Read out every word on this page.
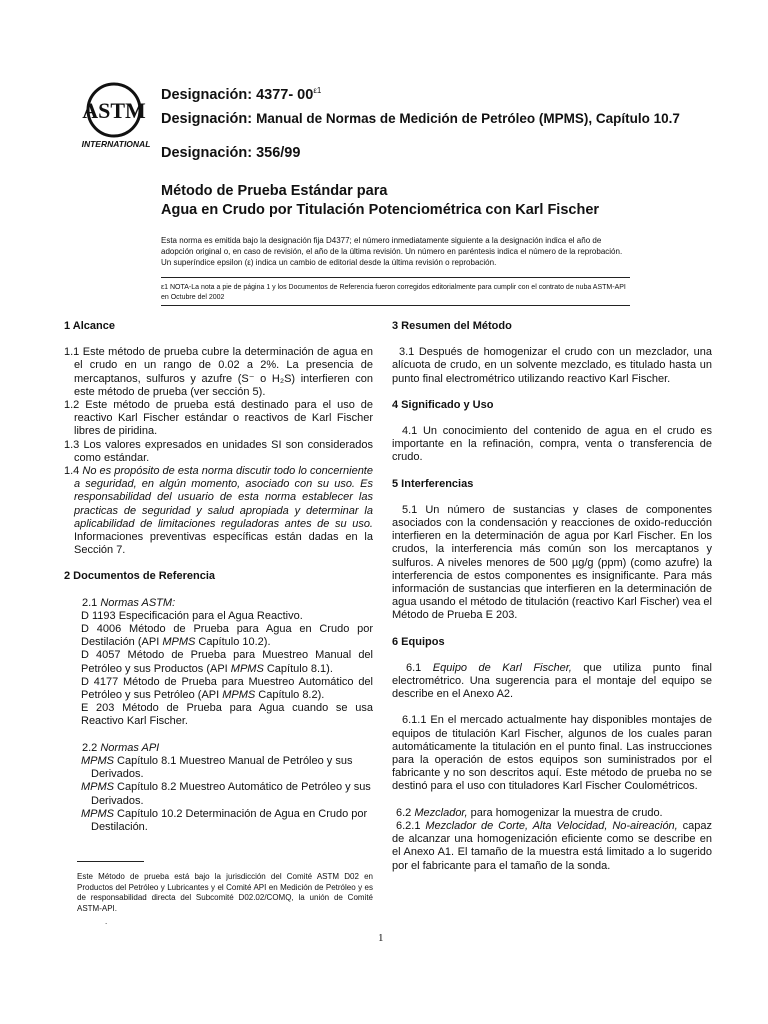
ASTM
INTERNATIONAL
Designación: 4377- $00^{\varepsilon 1}$
Designación: Manual de Normas de Medición de Petróleo (MPMS), Capítulo 10.7
Designación: 356/99
Método de Prueba Estándar para
Agua en Crudo por Titulación Potenciométrica con Karl Fischer
Esta norma es emitida bajo la designación fija D4377; el número inmediatamente siguiente a la designación indica el año de adopción original o, en caso de revisión, el año de la última revisión. Un número en paréntesis indica el número de la reprobación. Un superíndice epsilon (ε) indica un cambio de editorial desde la última revisión o reprobación.
ε1 NOTA-La nota a pie de página 1 y los Documentos de Referencia fueron corregidos editorialmente para cumplir con el contrato de nuba ASTM-API en Octubre del 2002
1 Alcance

1.1 Este método de prueba cubre la determinación de agua en el crudo en un rango de 0.02 a 2%. La presencia de mercaptanos, sulfuros y azufre (S⁻ o H₂S) interfieren con este método de prueba (ver sección 5).

1.2 Este método de prueba está destinado para el uso de reactivo Karl Fischer estándar o reactivos de Karl Fischer libres de piridina.

1.3 Los valores expresados en unidades SI son considerados como estándar.

1.4 No es propósito de esta norma discutir todo lo concerniente a seguridad, en algún momento, asociado con su uso. Es responsabilidad del usuario de esta norma establecer las practicas de seguridad y salud apropiada y determinar la aplicabilidad de limitaciones reguladoras antes de su uso. Informaciones preventivas específicas están dadas en la Sección 7.

2 Documentos de Referencia

2.1 Normas ASTM:

D 1193 Especificación para el Agua Reactivo.

D 4006 Método de Prueba para Agua en Crudo por Destilación (API MPMS Capítulo 10.2).

D 4057 Método de Prueba para Muestreo Manual del Petróleo y sus Productos (API MPMS Capítulo 8.1).

D 4177 Método de Prueba para Muestreo Automático del Petróleo y sus Petróleo (API MPMS Capítulo 8.2).

E 203 Método de Prueba para Agua cuando se usa Reactivo Karl Fischer.

2.2 Normas API

MPMS Capítulo 8.1 Muestreo Manual de Petróleo y sus Derivados.

MPMS Capítulo 8.2 Muestreo Automático de Petróleo y sus Derivados.

MPMS Capítulo 10.2 Determinación de Agua en Crudo por Destilación.

Este Método de prueba está bajo la jurisdicción del Comité ASTM D02 en Productos del Petróleo y Lubricantes y el Comité API en Medición de Petróleo y es de responsabilidad directa del Subcomité D02.02/COMQ, la unión de Comité ASTM-API.
.
3 Resumen del Método

3.1 Después de homogenizar el crudo con un mezclador, una alícuota de crudo, en un solvente mezclado, es titulado hasta un punto final electrométrico utilizando reactivo Karl Fischer.

4 Significado y Uso

4.1 Un conocimiento del contenido de agua en el crudo es importante en la refinación, compra, venta o transferencia de crudo.

5 Interferencias

5.1 Un número de sustancias y clases de componentes asociados con la condensación y reacciones de oxido-reducción interfieren en la determinación de agua por Karl Fischer. En los crudos, la interferencia más común son los mercaptanos y sulfuros. A niveles menores de 500 µg/g (ppm) (como azufre) la interferencia de estos componentes es insignificante. Para más información de sustancias que interfieren en la determinación de agua usando el método de titulación (reactivo Karl Fischer) vea el Método de Prueba E 203.

6 Equipos

6.1 Equipo de Karl Fischer, que utiliza punto final electrométrico. Una sugerencia para el montaje del equipo se describe en el Anexo A2.

6.1.1 En el mercado actualmente hay disponibles montajes de equipos de titulación Karl Fischer, algunos de los cuales paran automáticamente la titulación en el punto final. Las instrucciones para la operación de estos equipos son suministrados por el fabricante y no son descritos aquí. Este método de prueba no se destinó para el uso con tituladores Karl Fischer Coulométricos.

6.2 Mezclador, para homogenizar la muestra de crudo.

6.2.1 Mezclador de Corte, Alta Velocidad, No-aireación, capaz de alcanzar una homogenización eficiente como se describe en el Anexo A1. El tamaño de la muestra está limitado a lo sugerido por el fabricante para el tamaño de la sonda.

1
